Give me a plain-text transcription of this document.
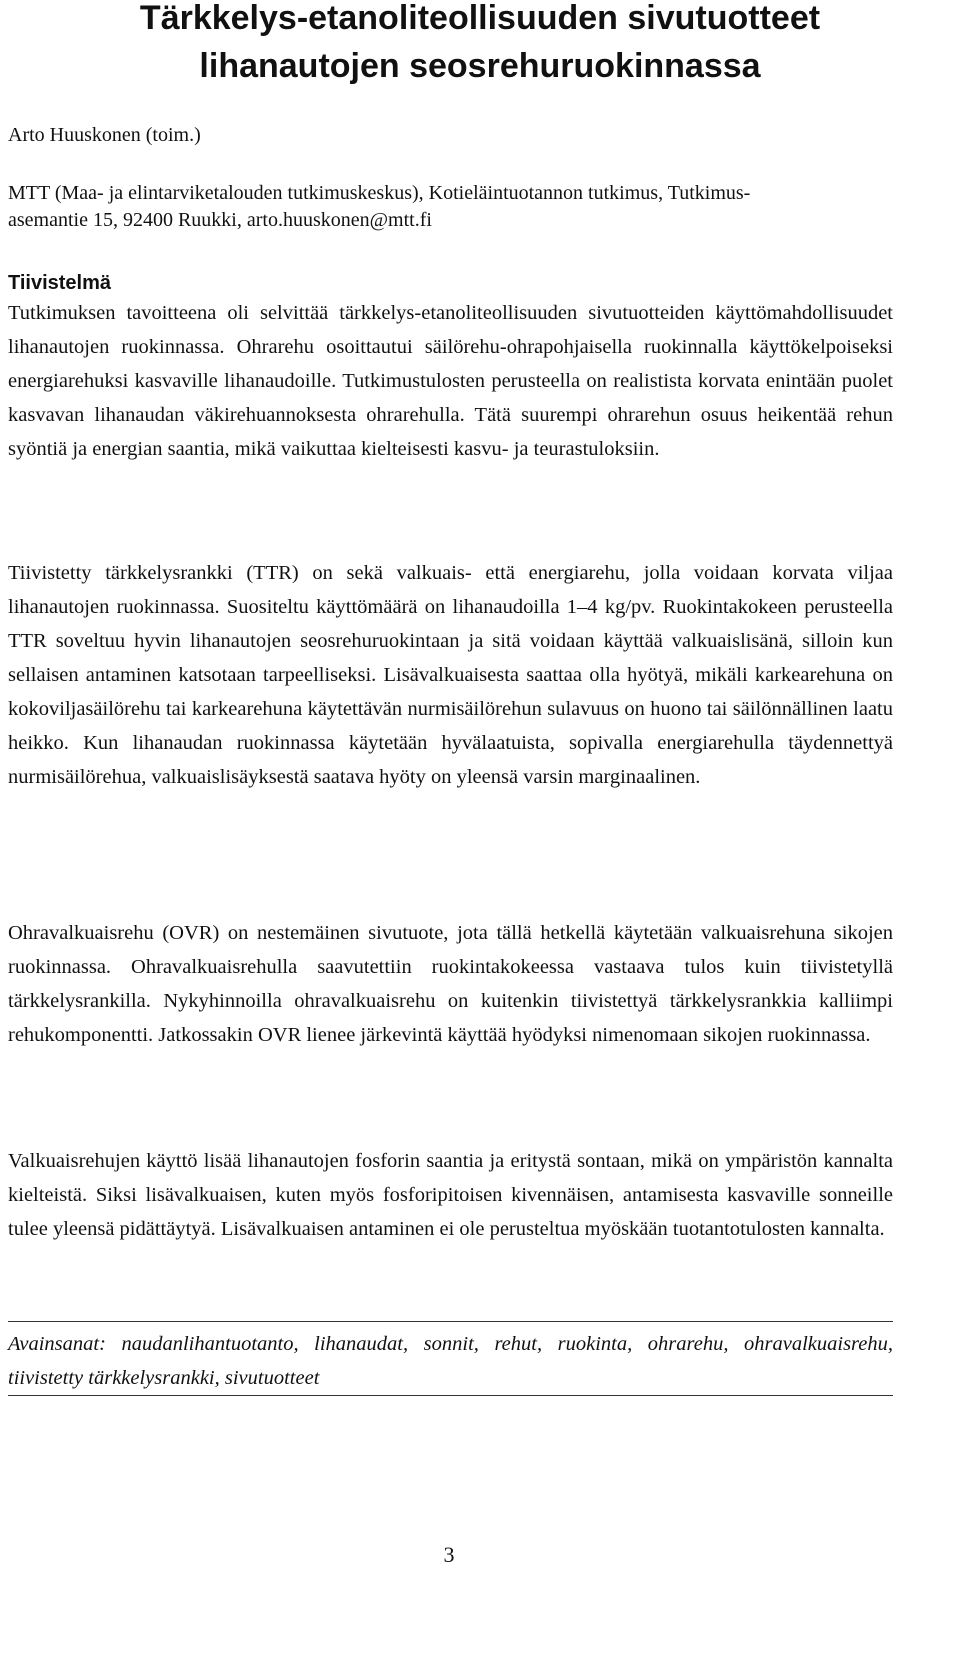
Tärkkelys-etanoliteollisuuden sivutuotteet
lihanautojen seosrehuruokinnassa

Arto Huuskonen (toim.)

MTT (Maa- ja elintarviketalouden tutkimuskeskus), Kotieläintuotannon tutkimus, Tutkimus-
asemantie 15, 92400 Ruukki, arto.huuskonen@mtt.fi

Tiivistelmä

Tutkimuksen tavoitteena oli selvittää tärkkelys-etanoliteollisuuden sivutuotteiden käyttömahdollisuudet lihanautojen ruokinnassa. Ohrarehu osoittautui säilörehu-ohrapohjaisella ruokinnalla käyttökelpoiseksi energiarehuksi kasvaville lihanaudoille. Tutkimustulosten perusteella on realistista korvata enintään puolet kasvavan lihanaudan väkirehuannoksesta ohrarehulla. Tätä suurempi ohrarehun osuus heikentää rehun syöntiä ja energian saantia, mikä vaikuttaa kielteisesti kasvu- ja teurastuloksiin.

Tiivistetty tärkkelysrankki (TTR) on sekä valkuais- että energiarehu, jolla voidaan korvata viljaa lihanautojen ruokinnassa. Suositeltu käyttömäärä on lihanaudoilla 1–4 kg/pv. Ruokintakokeen perusteella TTR soveltuu hyvin lihanautojen seosrehuruokintaan ja sitä voidaan käyttää valkuaislisänä, silloin kun sellaisen antaminen katsotaan tarpeelliseksi. Lisävalkuaisesta saattaa olla hyötyä, mikäli karkearehuna on kokoviljasäilörehu tai karkearehuna käytettävän nurmisäilörehun sulavuus on huono tai säilönnällinen laatu heikko. Kun lihanaudan ruokinnassa käytetään hyvälaatuista, sopivalla energiarehulla täydennettyä nurmisäilörehua, valkuaislisäyksestä saatava hyöty on yleensä varsin marginaalinen.

Ohravalkuaisrehu (OVR) on nestemäinen sivutuote, jota tällä hetkellä käytetään valkuaisrehuna sikojen ruokinnassa. Ohravalkuaisrehulla saavutettiin ruokintakokeessa vastaava tulos kuin tiivistetyllä tärkkelysrankilla. Nykyhinnoilla ohravalkuaisrehu on kuitenkin tiivistettyä tärkkelysrankkia kalliimpi rehukomponentti. Jatkossakin OVR lienee järkevintä käyttää hyödyksi nimenomaan sikojen ruokinnassa.

Valkuaisrehujen käyttö lisää lihanautojen fosforin saantia ja eritystä sontaan, mikä on ympäristön kannalta kielteistä. Siksi lisävalkuaisen, kuten myös fosforipitoisen kivennäisen, antamisesta kasvaville sonneille tulee yleensä pidättäytyä. Lisävalkuaisen antaminen ei ole perusteltua myöskään tuotantotulosten kannalta.

Avainsanat: naudanlihantuotanto, lihanaudat, sonnit, rehut, ruokinta, ohrarehu, ohravalkuaisrehu, tiivistetty tärkkelysrankki, sivutuotteet

3
